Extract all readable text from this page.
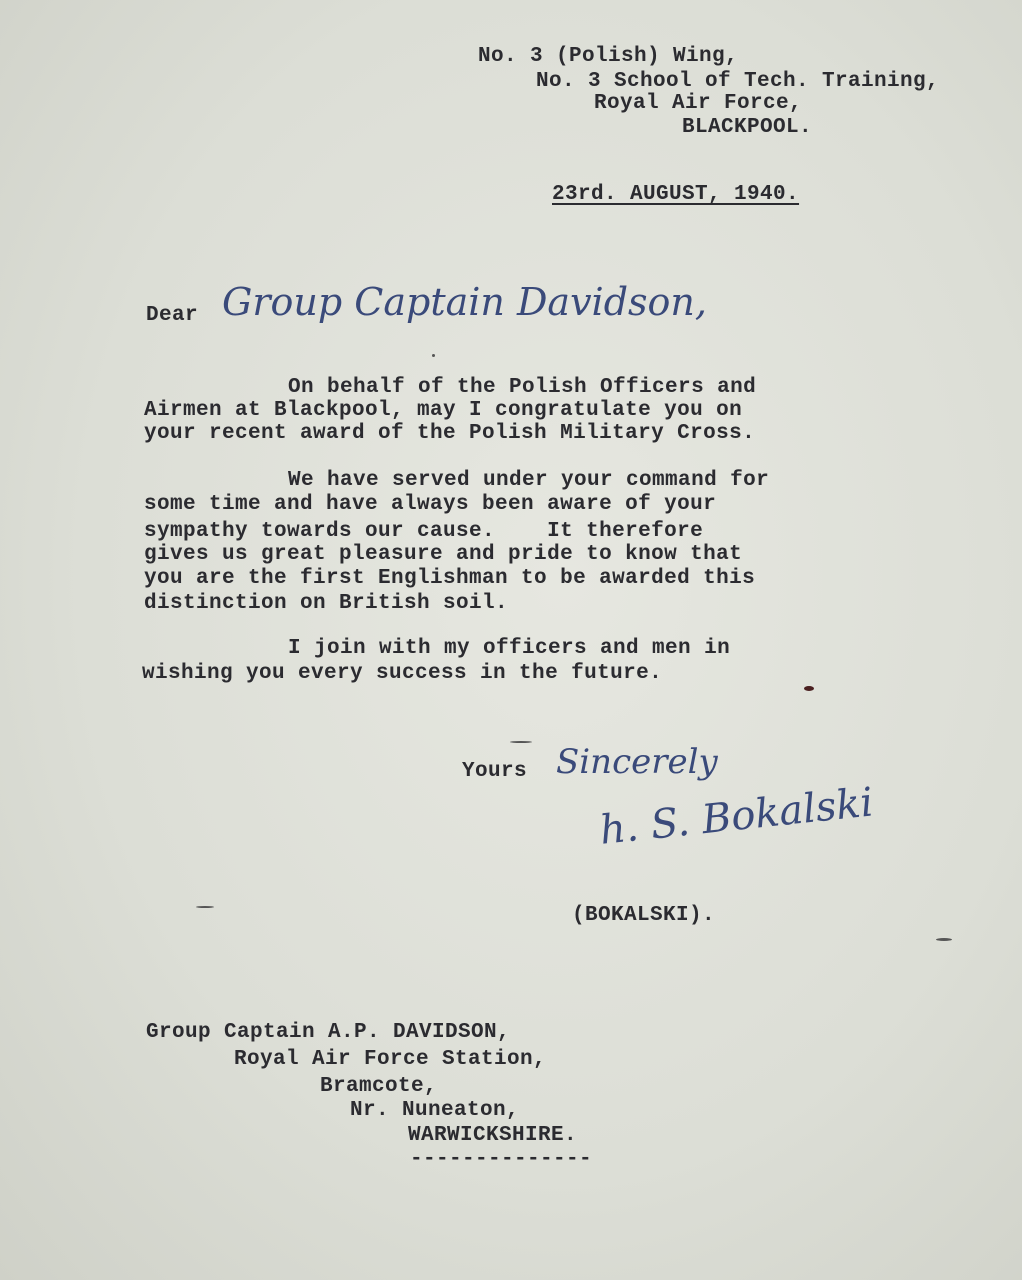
No. 3 (Polish) Wing,
No. 3 School of Tech. Training,
Royal Air Force,
BLACKPOOL.
23rd. AUGUST, 1940.
Dear Group Captain Davidson,
On behalf of the Polish Officers and
Airmen at Blackpool, may I congratulate you on
your recent award of the Polish Military Cross.
We have served under your command for
some time and have always been aware of your
sympathy towards our cause.    It therefore
gives us great pleasure and pride to know that
you are the first Englishman to be awarded this
distinction on British soil.
I join with my officers and men in
wishing you every success in the future.
Yours Sincerely
h. S. Bokalski
(BOKALSKI).
Group Captain A.P. DAVIDSON,
Royal Air Force Station,
Bramcote,
Nr. Nuneaton,
WARWICKSHIRE.
--------------
